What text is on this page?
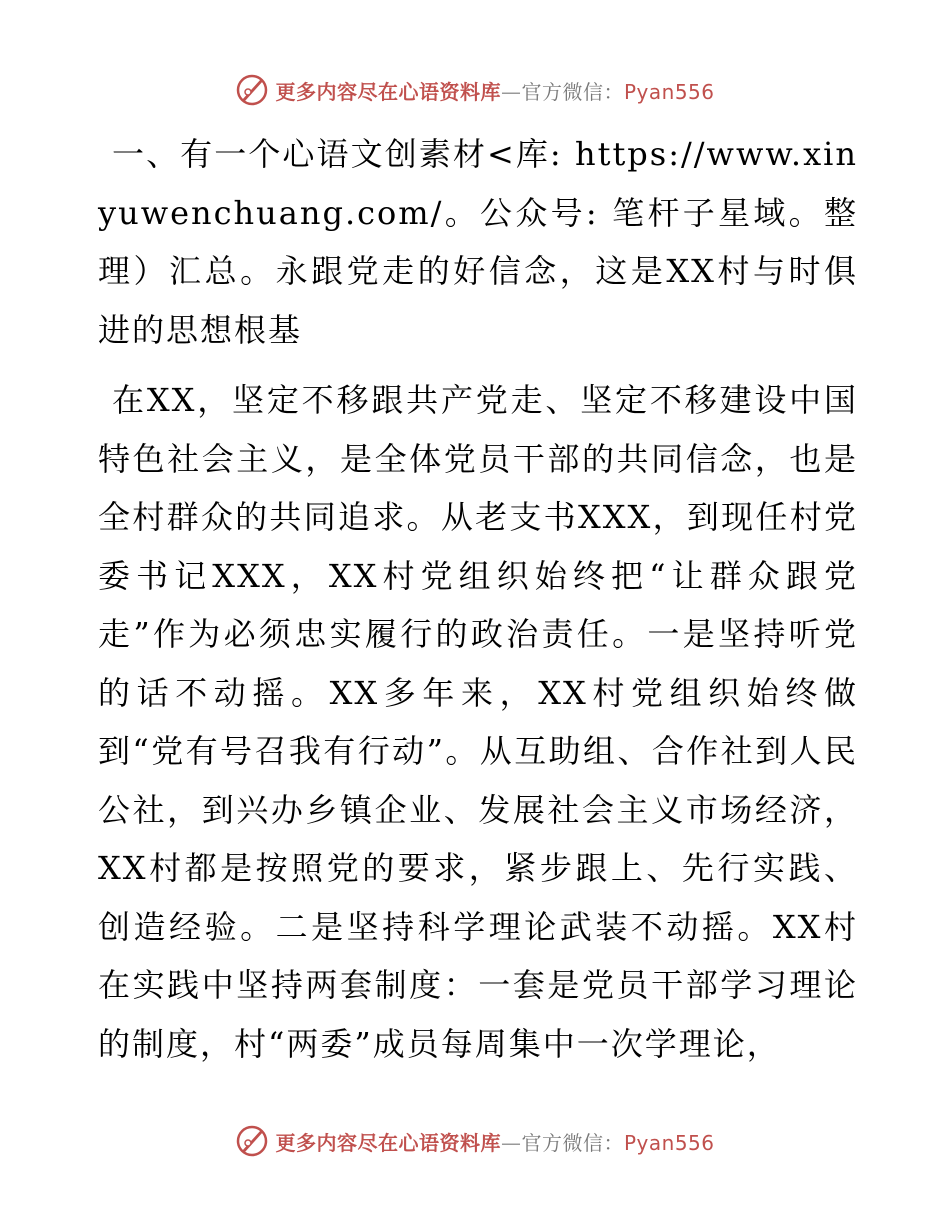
更多内容尽在心语资料库—官方微信：Pyan556

一、有一个心语文创素材<库: https://www.xinyuwenchuang.com/。公众号: 笔杆子星域。整理）汇总。永跟党走的好信念，这是XX村与时俱进的思想根基

在XX，坚定不移跟共产党走、坚定不移建设中国特色社会主义，是全体党员干部的共同信念，也是全村群众的共同追求。从老支书XXX，到现任村党委书记XXX，XX村党组织始终把“让群众跟党走”作为必须忠实履行的政治责任。一是坚持听党的话不动摇。XX多年来，XX村党组织始终做到“党有号召我有行动”。从互助组、合作社到人民公社，到兴办乡镇企业、发展社会主义市场经济，XX村都是按照党的要求，紧步跟上、先行实践、创造经验。二是坚持科学理论武装不动摇。XX村在实践中坚持两套制度：一套是党员干部学习理论的制度，村“两委”成员每周集中一次学理论，

更多内容尽在心语资料库—官方微信：Pyan556
